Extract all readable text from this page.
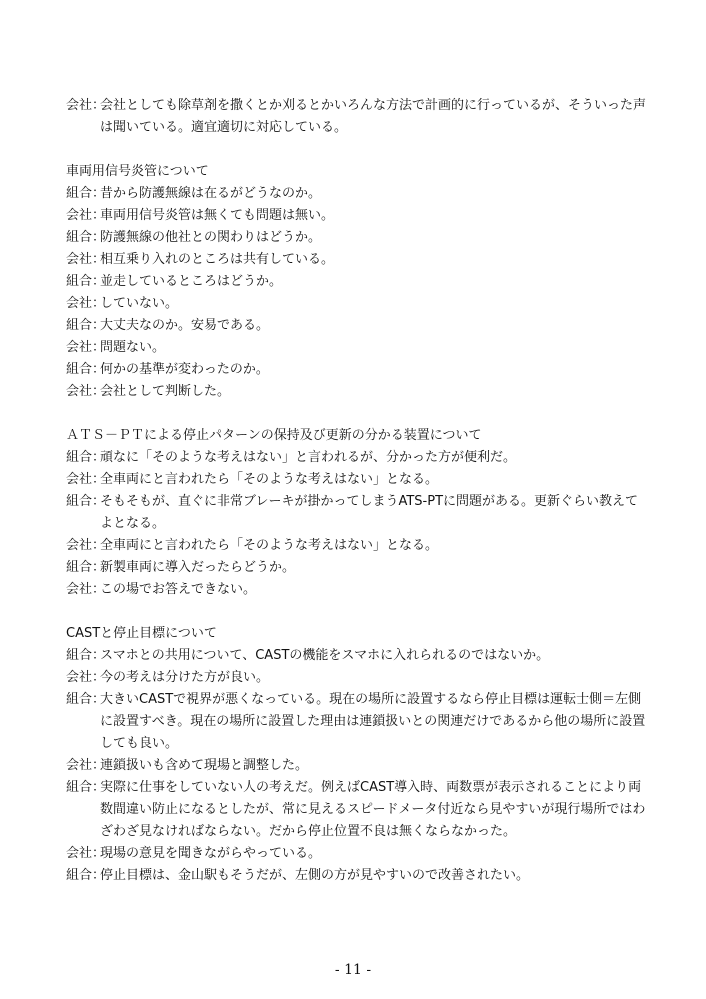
会社：
会社としても除草剤を撒くとか刈るとかいろんな方法で計画的に行っているが、そういった声は聞いている。適宜適切に対応している。
車両用信号炎管について
組合：
昔から防護無線は在るがどうなのか。
会社：
車両用信号炎管は無くても問題は無い。
組合：
防護無線の他社との関わりはどうか。
会社：
相互乗り入れのところは共有している。
組合：
並走しているところはどうか。
会社：
していない。
組合：
大丈夫なのか。安易である。
会社：
問題ない。
組合：
何かの基準が変わったのか。
会社：
会社として判断した。
ＡＴＳ－ＰＴによる停止パターンの保持及び更新の分かる装置について
組合：
頑なに「そのような考えはない」と言われるが、分かった方が便利だ。
会社：
全車両にと言われたら「そのような考えはない」となる。
組合：
そもそもが、直ぐに非常ブレーキが掛かってしまうATS-PTに問題がある。更新ぐらい教えてよとなる。
会社：
全車両にと言われたら「そのような考えはない」となる。
組合：
新製車両に導入だったらどうか。
会社：
この場でお答えできない。
CASTと停止目標について
組合：
スマホとの共用について、CASTの機能をスマホに入れられるのではないか。
会社：
今の考えは分けた方が良い。
組合：
大きいCASTで視界が悪くなっている。現在の場所に設置するなら停止目標は運転士側＝左側に設置すべき。現在の場所に設置した理由は連鎖扱いとの関連だけであるから他の場所に設置しても良い。
会社：
連鎖扱いも含めて現場と調整した。
組合：
実際に仕事をしていない人の考えだ。例えばCAST導入時、両数票が表示されることにより両数間違い防止になるとしたが、常に見えるスピードメータ付近なら見やすいが現行場所ではわざわざ見なければならない。だから停止位置不良は無くならなかった。
会社：
現場の意見を聞きながらやっている。
組合：
停止目標は、金山駅もそうだが、左側の方が見やすいので改善されたい。
- 11 -
